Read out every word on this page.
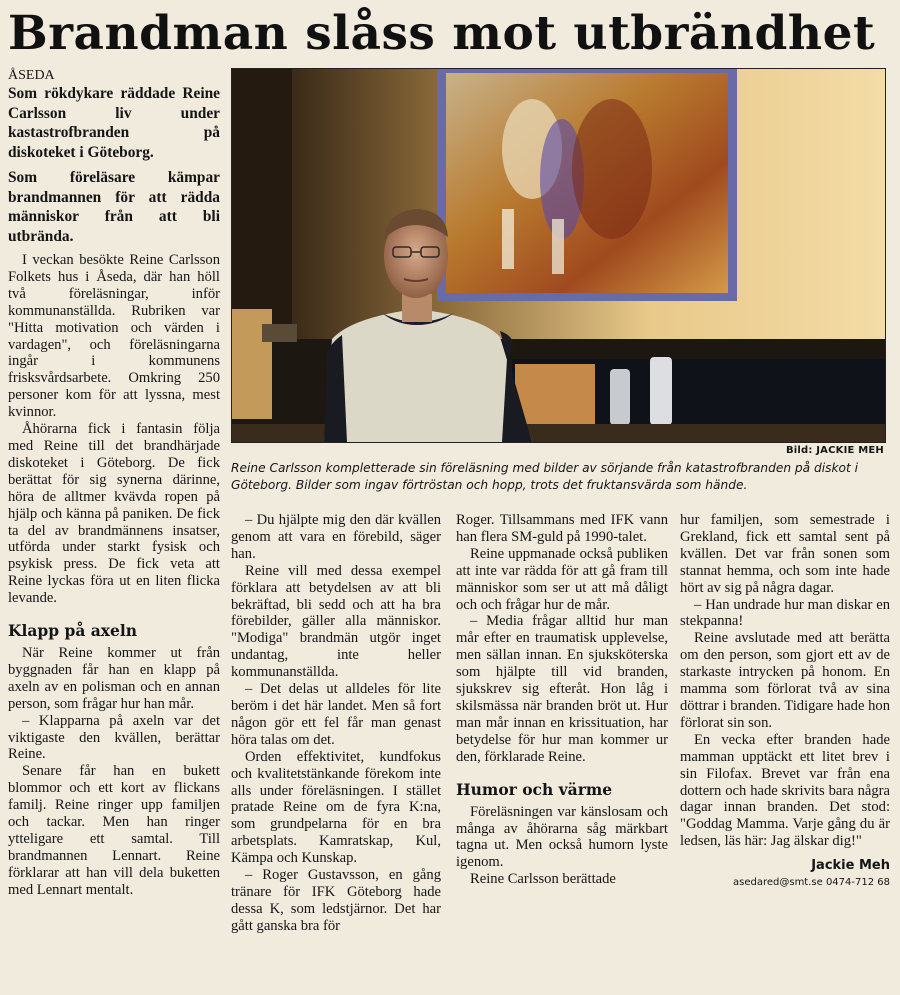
Brandman slåss mot utbrändhet
ÅSEDA

Som rökdykare räddade Reine Carlsson liv under kastastrofbranden på diskoteket i Göteborg.

Som föreläsare kämpar brandmannen för att rädda människor från att bli utbrända.

I veckan besökte Reine Carlsson Folkets hus i Åseda, där han höll två föreläsningar, inför kommunanställda. Rubriken var "Hitta motivation och värden i vardagen", och föreläsningarna ingår i kommunens frisksvårdsarbete. Omkring 250 personer kom för att lyssna, mest kvinnor.

Åhörarna fick i fantasin följa med Reine till det brandhärjade diskoteket i Göteborg. De fick berättat för sig synerna därinne, höra de alltmer kvävda ropen på hjälp och känna på paniken. De fick ta del av brandmännens insatser, utförda under starkt fysisk och psykisk press. De fick veta att Reine lyckas föra ut en liten flicka levande.

Klapp på axeln

När Reine kommer ut från byggnaden får han en klapp på axeln av en polisman och en annan person, som frågar hur han mår.

– Klapparna på axeln var det viktigaste den kvällen, berättar Reine.

Senare får han en bukett blommor och ett kort av flickans familj. Reine ringer upp familjen och tackar. Men han ringer ytteligare ett samtal. Till brandmannen Lennart. Reine förklarar att han vill dela buketten med Lennart mentalt.

Bild: JACKIE MEH
Reine Carlsson kompletterade sin föreläsning med bilder av sörjande från katastrofbranden på diskot i Göteborg. Bilder som ingav förtröstan och hopp, trots det fruktansvärda som hände.

– Du hjälpte mig den där kvällen genom att vara en förebild, säger han.

Reine vill med dessa exempel förklara att betydelsen av att bli bekräftad, bli sedd och att ha bra förebilder, gäller alla människor. "Modiga" brandmän utgör inget undantag, inte heller kommunanställda.

– Det delas ut alldeles för lite beröm i det här landet. Men så fort någon gör ett fel får man genast höra talas om det.

Orden effektivitet, kundfokus och kvalitetstänkande förekom inte alls under föreläsningen. I stället pratade Reine om de fyra K:na, som grundpelarna för en bra arbetsplats. Kamratskap, Kul, Kämpa och Kunskap.

– Roger Gustavsson, en gång tränare för IFK Göteborg hade dessa K, som ledstjärnor. Det har gått ganska bra för

Roger. Tillsammans med IFK vann han flera SM-guld på 1990-talet.

Reine uppmanade också publiken att inte var rädda för att gå fram till människor som ser ut att må dåligt och och frågar hur de mår.

– Media frågar alltid hur man mår efter en traumatisk upplevelse, men sällan innan. En sjuksköterska som hjälpte till vid branden, sjukskrev sig efteråt. Hon låg i skilsmässa när branden bröt ut. Hur man mår innan en krissituation, har betydelse för hur man kommer ur den, förklarade Reine.

Humor och värme

Föreläsningen var känslosam och många av åhörarna såg märkbart tagna ut. Men också humorn lyste igenom.

Reine Carlsson berättade

hur familjen, som semestrade i Grekland, fick ett samtal sent på kvällen. Det var från sonen som stannat hemma, och som inte hade hört av sig på några dagar.

– Han undrade hur man diskar en stekpanna!

Reine avslutade med att berätta om den person, som gjort ett av de starkaste intrycken på honom. En mamma som förlorat två av sina döttrar i branden. Tidigare hade hon förlorat sin son.

En vecka efter branden hade mamman upptäckt ett litet brev i sin Filofax. Brevet var från ena dottern och hade skrivits bara några dagar innan branden. Det stod: "Goddag Mamma. Varje gång du är ledsen, läs här: Jag älskar dig!"

Jackie Meh
asedared@smt.se 0474-712 68
